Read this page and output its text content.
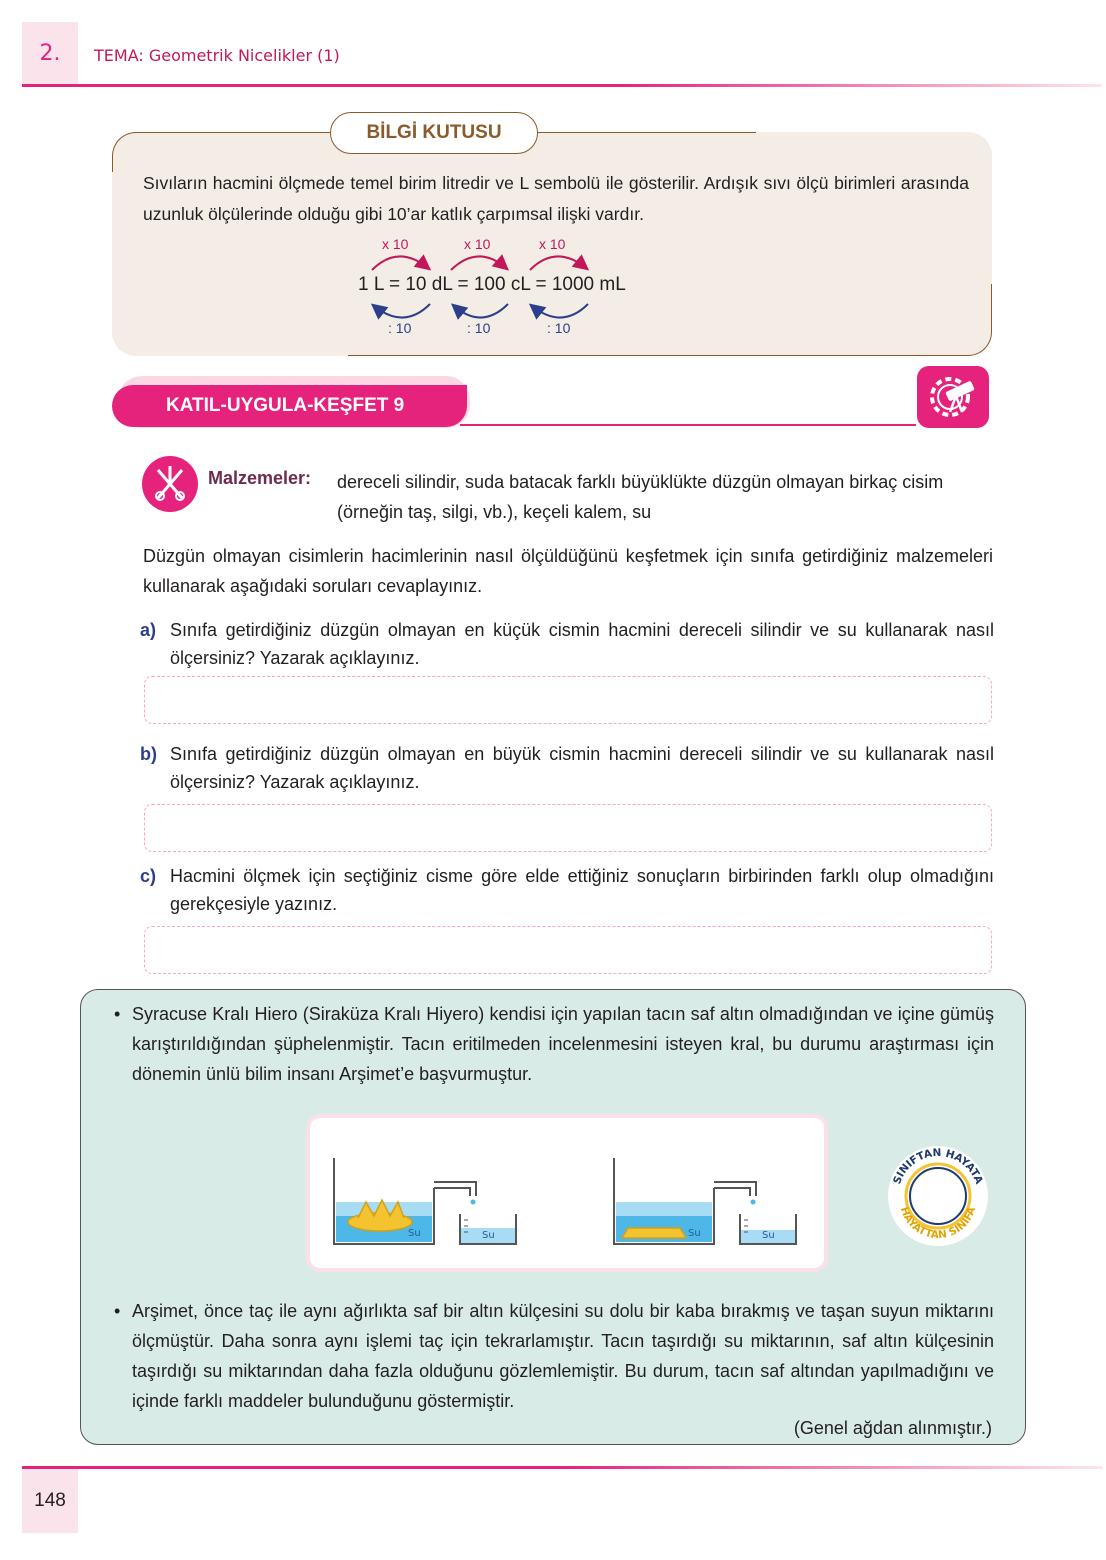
2.	TEMA: Geometrik Nicelikler (1)
BİLGİ KUTUSU
Sıvıların hacmini ölçmede temel birim litredir ve L sembolü ile gösterilir. Ardışık sıvı ölçü birimleri arasında uzunluk ölçülerinde olduğu gibi 10’ar katlık çarpımsal ilişki vardır.
x 10	x 10	x 10
1 L = 10 dL = 100 cL = 1000 mL
: 10	: 10	: 10
KATIL-UYGULA-KEŞFET 9
Malzemeler: dereceli silindir, suda batacak farklı büyüklükte düzgün olmayan birkaç cisim (örneğin taş, silgi, vb.), keçeli kalem, su
Düzgün olmayan cisimlerin hacimlerinin nasıl ölçüldüğünü keşfetmek için sınıfa getirdiğiniz malzemeleri kullanarak aşağıdaki soruları cevaplayınız.
a) Sınıfa getirdiğiniz düzgün olmayan en küçük cismin hacmini dereceli silindir ve su kullanarak nasıl ölçersiniz? Yazarak açıklayınız.
b) Sınıfa getirdiğiniz düzgün olmayan en büyük cismin hacmini dereceli silindir ve su kullanarak nasıl ölçersiniz? Yazarak açıklayınız.
c) Hacmini ölçmek için seçtiğiniz cisme göre elde ettiğiniz sonuçların birbirinden farklı olup olmadığını gerekçesiyle yazınız.
• Syracuse Kralı Hiero (Siraküza Kralı Hiyero) kendisi için yapılan tacın saf altın olmadığından ve içine gümüş karıştırıldığından şüphelenmiştir. Tacın eritilmeden incelenmesini isteyen kral, bu durumu araştırması için dönemin ünlü bilim insanı Arşimet’e başvurmuştur.
Su	Su	Su	Su
SINIFTAN HAYATA
HAYATTAN SINIFA
• Arşimet, önce taç ile aynı ağırlıkta saf bir altın külçesini su dolu bir kaba bırakmış ve taşan suyun miktarını ölçmüştür. Daha sonra aynı işlemi taç için tekrarlamıştır. Tacın taşırdığı su miktarının, saf altın külçesinin taşırdığı su miktarından daha fazla olduğunu gözlemlemiştir. Bu durum, tacın saf altından yapılmadığını ve içinde farklı maddeler bulunduğunu göstermiştir.
(Genel ağdan alınmıştır.)
148
